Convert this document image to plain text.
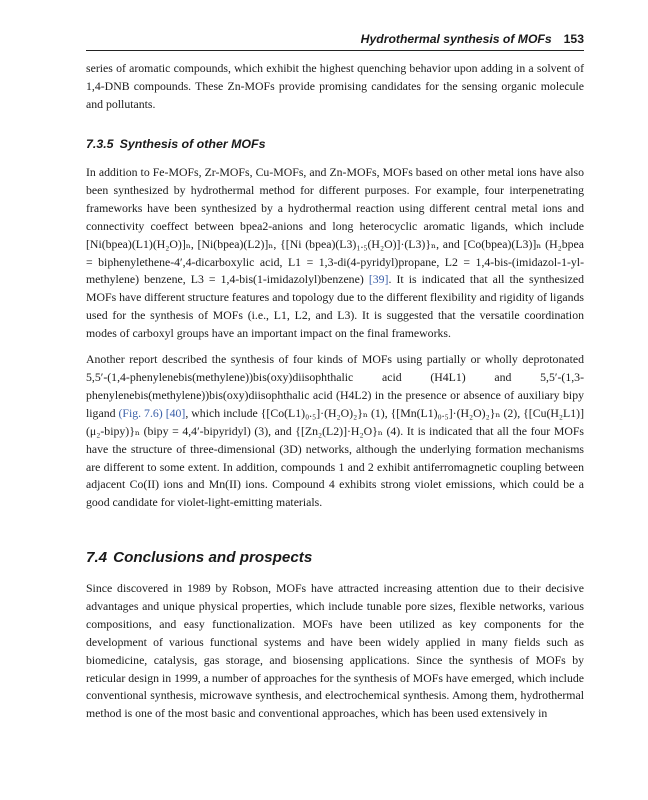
Hydrothermal synthesis of MOFs 153

series of aromatic compounds, which exhibit the highest quenching behavior upon adding in a solvent of 1,4-DNB compounds. These Zn-MOFs provide promising candidates for the sensing organic molecule and pollutants.

7.3.5 Synthesis of other MOFs

In addition to Fe-MOFs, Zr-MOFs, Cu-MOFs, and Zn-MOFs, MOFs based on other metal ions have also been synthesized by hydrothermal method for different purposes. For example, four interpenetrating frameworks have been synthesized by a hydrothermal reaction using different central metal ions and connectivity coeffect between bpea2-anions and long heterocyclic aromatic ligands, which include [Ni(bpea)(L1)(H₂O)]ₙ, [Ni(bpea)(L2)]ₙ, {[Ni (bpea)(L3)₁.₅(H₂O)]·(L3)}ₙ, and [Co(bpea)(L3)]ₙ (H₂bpea = biphenylethene-4′,4-dicarboxylic acid, L1 = 1,3-di(4-pyridyl)propane, L2 = 1,4-bis-(imidazol-1-yl-methylene) benzene, L3 = 1,4-bis(1-imidazolyl)benzene) [39]. It is indicated that all the synthesized MOFs have different structure features and topology due to the different flexibility and rigidity of ligands used for the synthesis of MOFs (i.e., L1, L2, and L3). It is suggested that the versatile coordination modes of carboxyl groups have an important impact on the final frameworks.

Another report described the synthesis of four kinds of MOFs using partially or wholly deprotonated 5,5′-(1,4-phenylenebis(methylene))bis(oxy)diisophthalic acid (H4L1) and 5,5′-(1,3-phenylenebis(methylene))bis(oxy)diisophthalic acid (H4L2) in the presence or absence of auxiliary bipy ligand (Fig. 7.6) [40], which include {[Co(L1)₀.₅]·(H₂O)₂}ₙ (1), {[Mn(L1)₀.₅]·(H₂O)₂}ₙ (2), {[Cu(H₂L1)](μ₂-bipy)}ₙ (bipy = 4,4′-bipyridyl) (3), and {[Zn₂(L2)]·H₂O}ₙ (4). It is indicated that all the four MOFs have the structure of three-dimensional (3D) networks, although the underlying formation mechanisms are different to some extent. In addition, compounds 1 and 2 exhibit antiferromagnetic coupling between adjacent Co(II) ions and Mn(II) ions. Compound 4 exhibits strong violet emissions, which could be a good candidate for violet-light-emitting materials.

7.4 Conclusions and prospects

Since discovered in 1989 by Robson, MOFs have attracted increasing attention due to their decisive advantages and unique physical properties, which include tunable pore sizes, flexible networks, various compositions, and easy functionalization. MOFs have been utilized as key components for the development of various functional systems and have been widely applied in many fields such as biomedicine, catalysis, gas storage, and biosensing applications. Since the synthesis of MOFs by reticular design in 1999, a number of approaches for the synthesis of MOFs have emerged, which include conventional synthesis, microwave synthesis, and electrochemical synthesis. Among them, hydrothermal method is one of the most basic and conventional approaches, which has been used extensively in
